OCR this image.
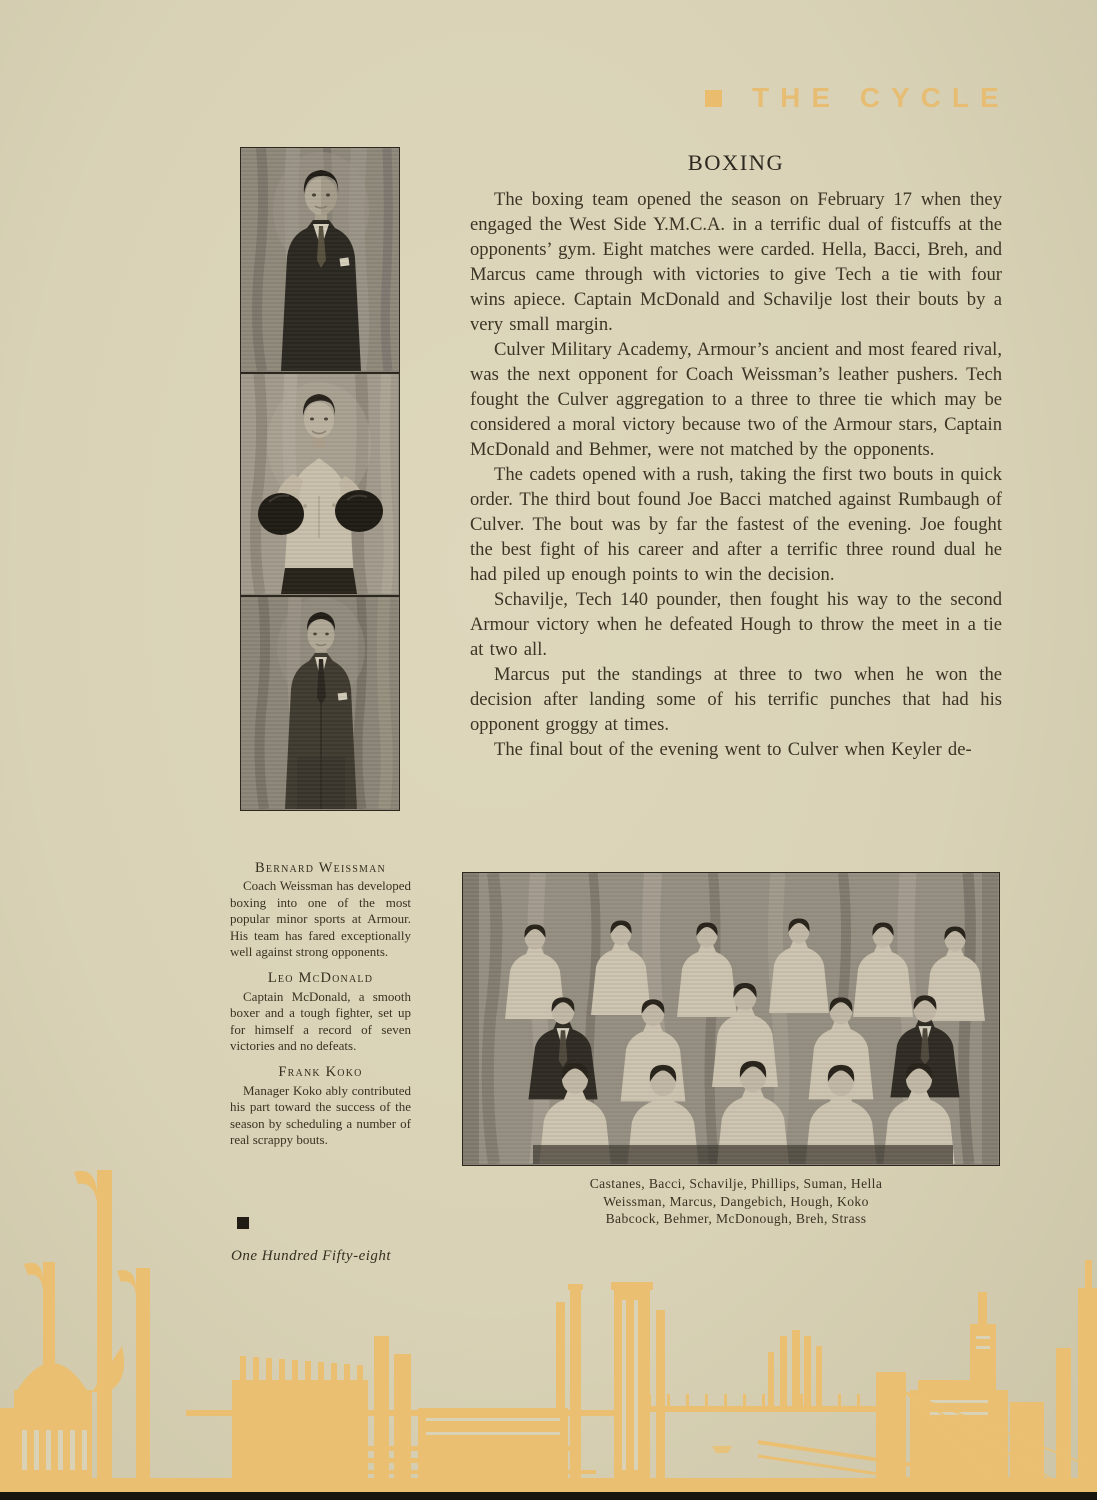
THE CYCLE
BOXING

The boxing team opened the season on February 17 when they engaged the West Side Y.M.C.A. in a terrific dual of fistcuffs at the opponents’ gym. Eight matches were carded. Hella, Bacci, Breh, and Marcus came through with victories to give Tech a tie with four wins apiece. Captain McDonald and Schavilje lost their bouts by a very small margin.

Culver Military Academy, Armour’s ancient and most feared rival, was the next opponent for Coach Weissman’s leather pushers. Tech fought the Culver aggregation to a three to three tie which may be considered a moral victory because two of the Armour stars, Captain McDonald and Behmer, were not matched by the opponents.

The cadets opened with a rush, taking the first two bouts in quick order. The third bout found Joe Bacci matched against Rumbaugh of Culver. The bout was by far the fastest of the evening. Joe fought the best fight of his career and after a terrific three round dual he had piled up enough points to win the decision.

Schavilje, Tech 140 pounder, then fought his way to the second Armour victory when he defeated Hough to throw the meet in a tie at two all.

Marcus put the standings at three to two when he won the decision after landing some of his terrific punches that had his opponent groggy at times.

The final bout of the evening went to Culver when Keyler de-

Bernard Weissman

Coach Weissman has developed boxing into one of the most popular minor sports at Armour. His team has fared exceptionally well against strong opponents.

Leo McDonald

Captain McDonald, a smooth boxer and a tough fighter, set up for himself a record of seven victories and no defeats.

Frank Koko

Manager Koko ably contributed his part toward the success of the season by scheduling a number of real scrappy bouts.

Castanes, Bacci, Schavilje, Phillips, Suman, Hella
Weissman, Marcus, Dangebich, Hough, Koko
Babcock, Behmer, McDonough, Breh, Strass
One Hundred Fifty-eight
